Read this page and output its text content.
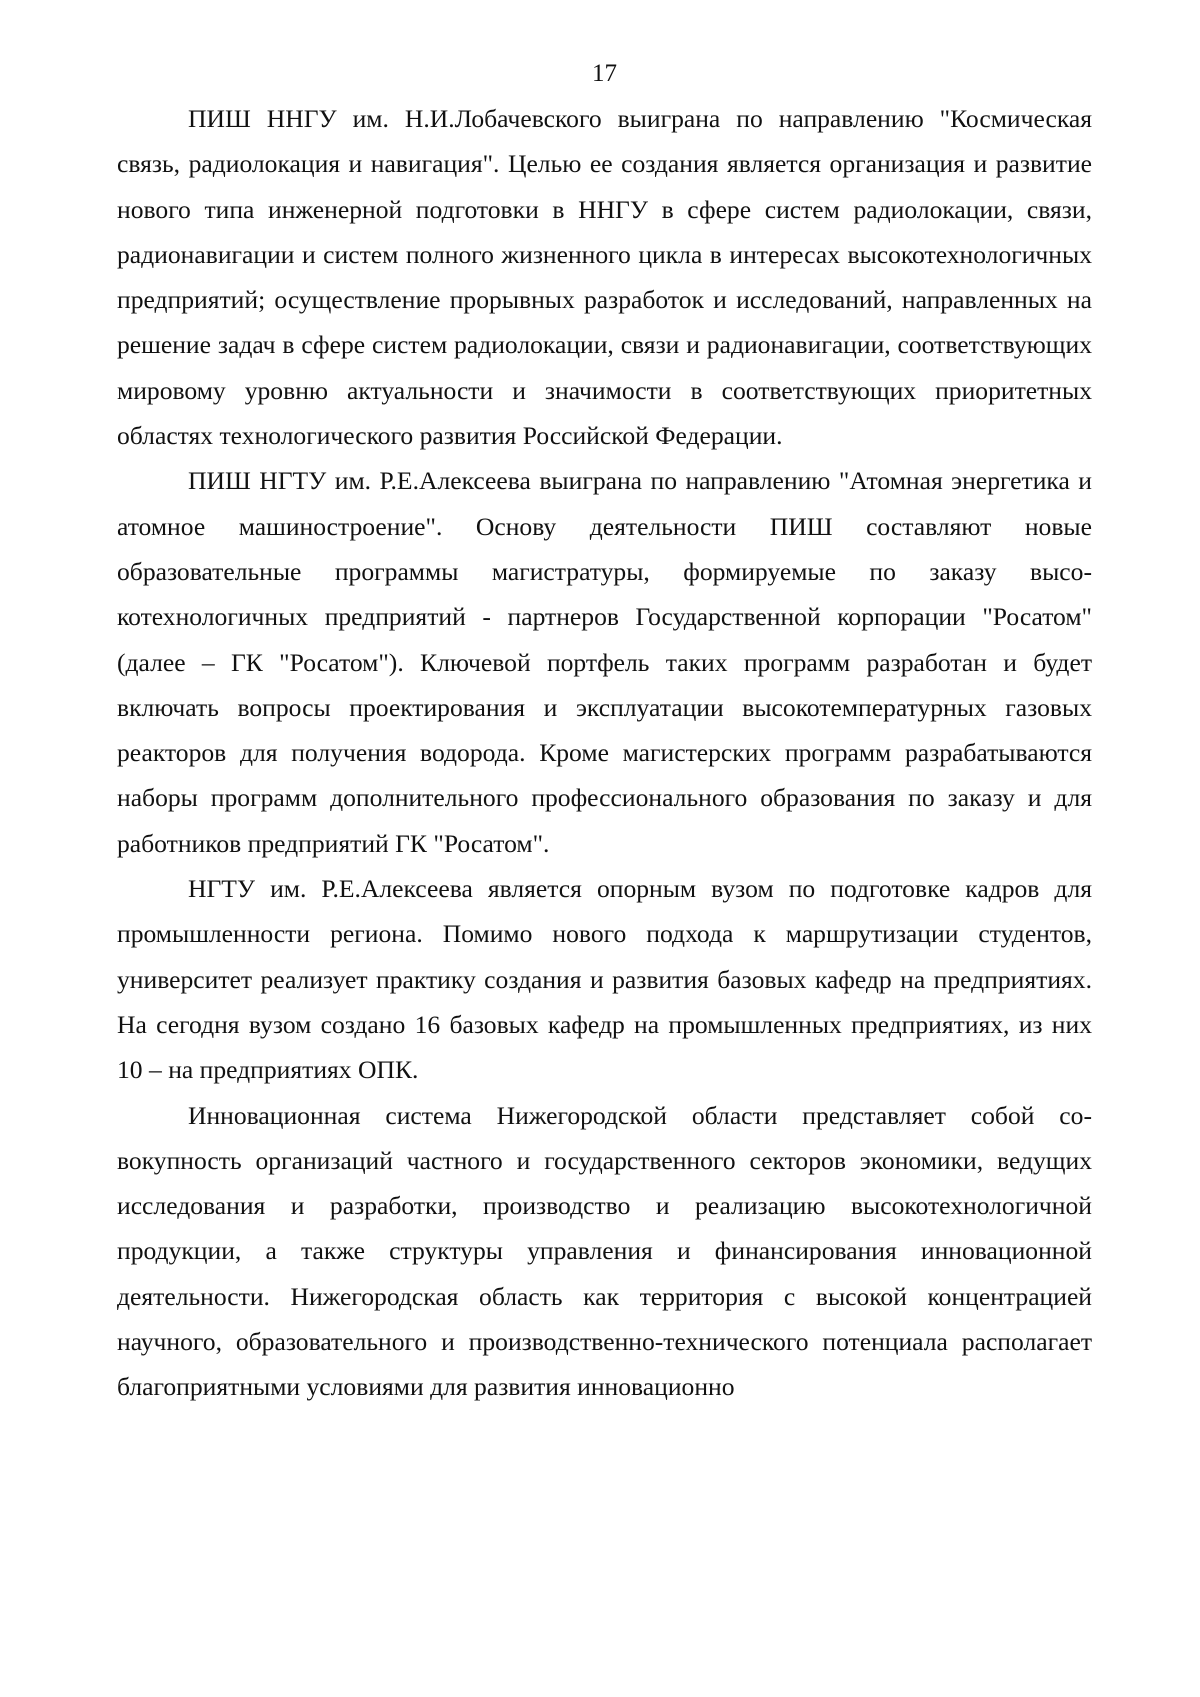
17

ПИШ ННГУ им. Н.И.Лобачевского выиграна по направлению "Космическая связь, радиолокация и навигация". Целью ее создания является организация и развитие нового типа инженерной подготовки в ННГУ в сфере систем радиолокации, связи, радионавигации и систем полного жизненного цикла в интересах высокотехнологичных предприятий; осуществление прорывных разработок и исследований, направленных на решение задач в сфере систем радиолокации, связи и радионавигации, соответствующих мировому уровню актуальности и значимости в соответствующих приоритетных областях технологического развития Российской Федерации.

ПИШ НГТУ им. Р.Е.Алексеева выиграна по направлению "Атомная энергетика и атомное машиностроение". Основу деятельности ПИШ составляют новые образовательные программы магистратуры, формируемые по заказу высокотехнологичных предприятий - партнеров Государственной корпорации "Росатом" (далее – ГК "Росатом"). Ключевой портфель таких программ разработан и будет включать вопросы проектирования и эксплуатации высокотемпературных газовых реакторов для получения водорода. Кроме магистерских программ разрабатываются наборы программ дополнительного профессионального образования по заказу и для работников предприятий ГК "Росатом".

НГТУ им. Р.Е.Алексеева является опорным вузом по подготовке кадров для промышленности региона. Помимо нового подхода к маршрутизации студентов, университет реализует практику создания и развития базовых кафедр на предприятиях. На сегодня вузом создано 16 базовых кафедр на промышленных предприятиях, из них 10 – на предприятиях ОПК.

Инновационная система Нижегородской области представляет собой совокупность организаций частного и государственного секторов экономики, ведущих исследования и разработки, производство и реализацию высокотехнологичной продукции, а также структуры управления и финансирования инновационной деятельности. Нижегородская область как территория с высокой концентрацией научного, образовательного и производственно-технического потенциала располагает благоприятными условиями для развития инновационно
